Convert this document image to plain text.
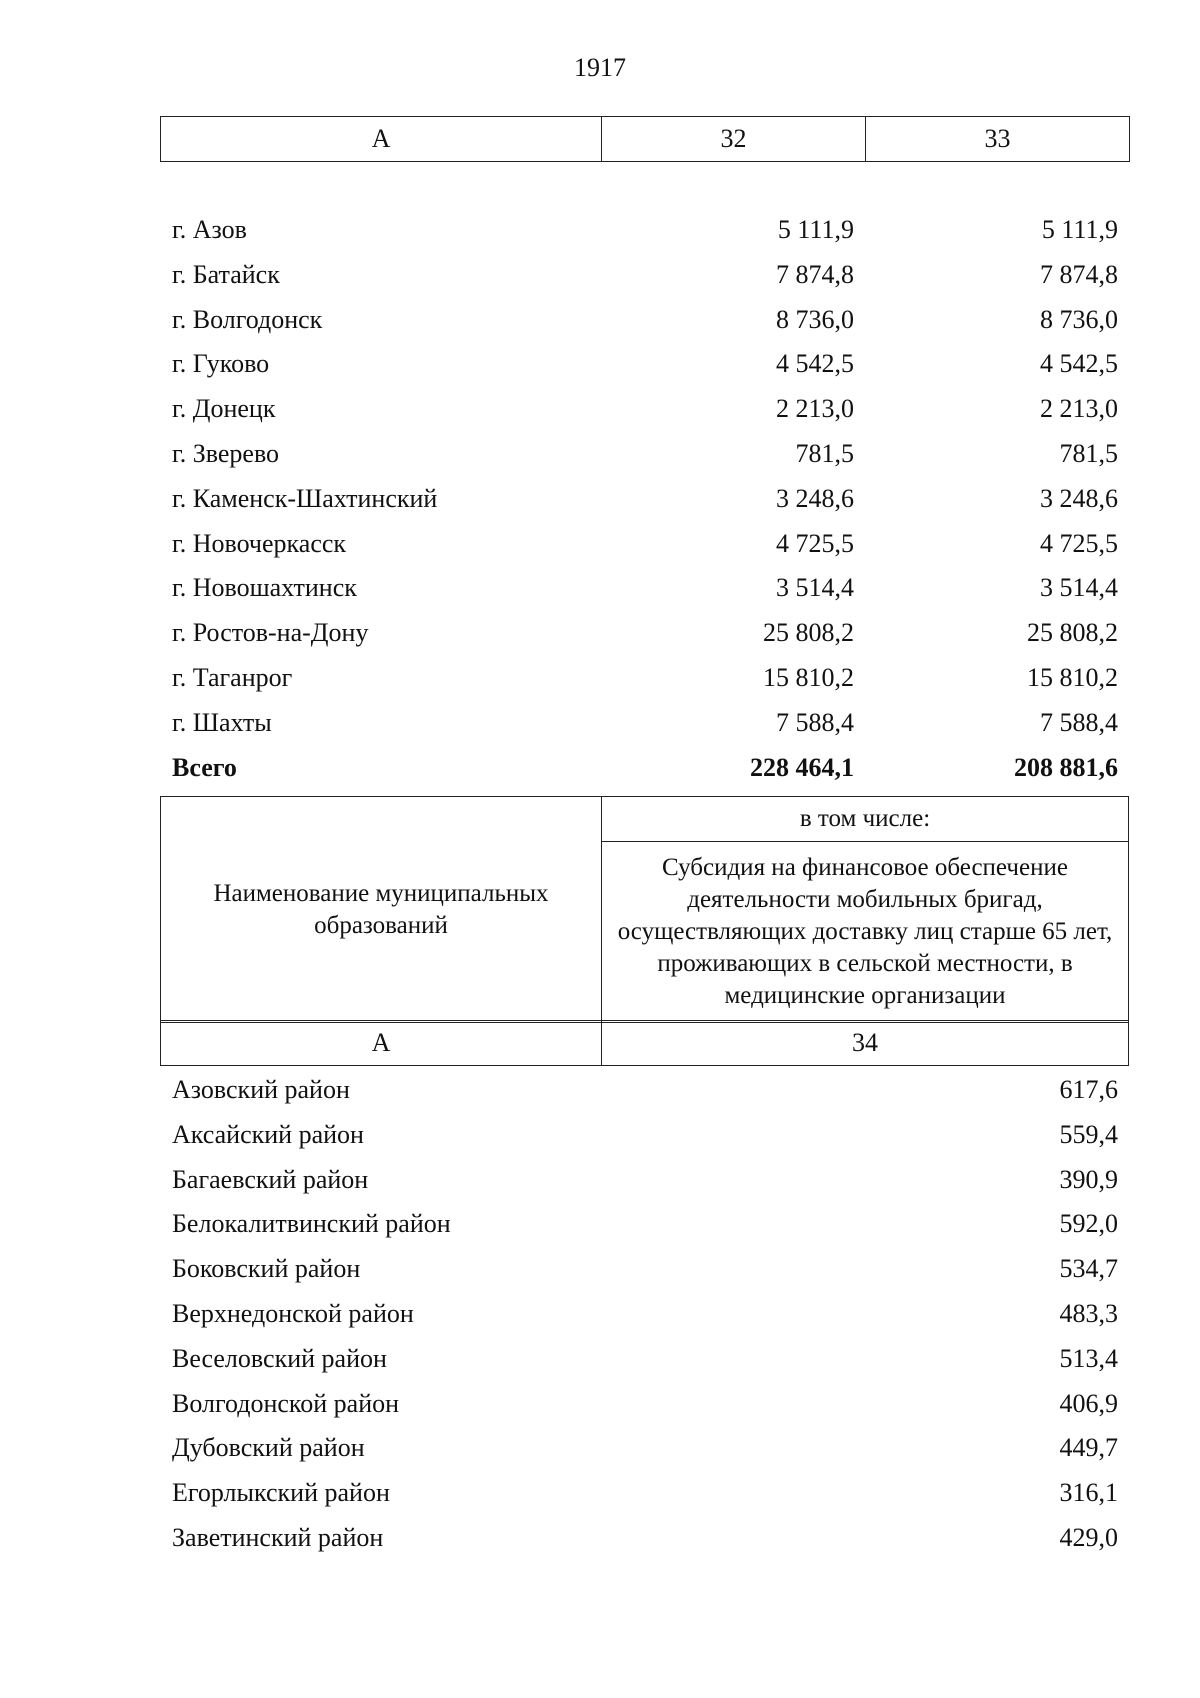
1917
А	32	33
г. Азов	5 111,9	5 111,9
г. Батайск	7 874,8	7 874,8
г. Волгодонск	8 736,0	8 736,0
г. Гуково	4 542,5	4 542,5
г. Донецк	2 213,0	2 213,0
г. Зверево	781,5	781,5
г. Каменск-Шахтинский	3 248,6	3 248,6
г. Новочеркасск	4 725,5	4 725,5
г. Новошахтинск	3 514,4	3 514,4
г. Ростов-на-Дону	25 808,2	25 808,2
г. Таганрог	15 810,2	15 810,2
г. Шахты	7 588,4	7 588,4
Всего	228 464,1	208 881,6
Наименование муниципальных образований	в том числе:
Субсидия на финансовое обеспечение деятельности мобильных бригад, осуществляющих доставку лиц старше 65 лет, проживающих в сельской местности, в медицинские организации
А	34
Азовский район	617,6
Аксайский район	559,4
Багаевский район	390,9
Белокалитвинский район	592,0
Боковский район	534,7
Верхнедонской район	483,3
Веселовский район	513,4
Волгодонской район	406,9
Дубовский район	449,7
Егорлыкский район	316,1
Заветинский район	429,0
